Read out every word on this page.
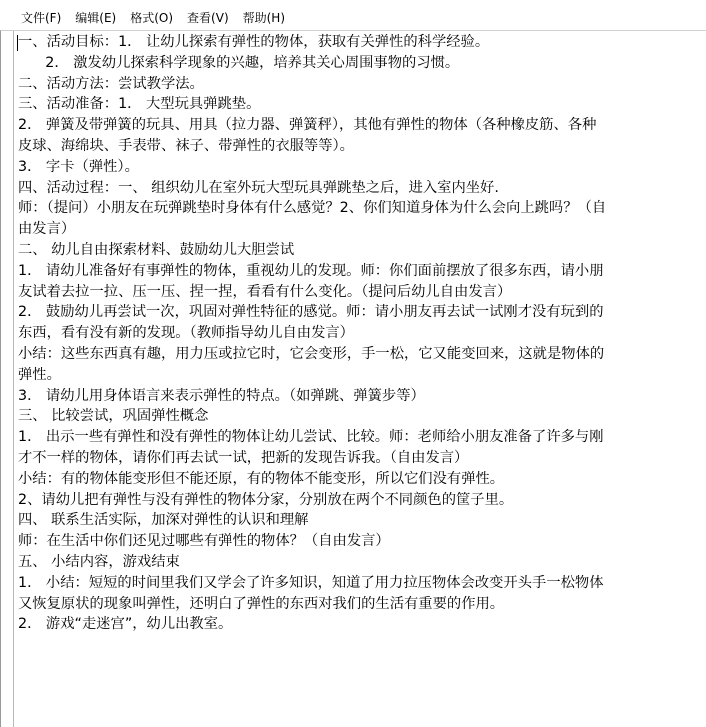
文件(F)	编辑(E)	格式(O)	查看(V)	帮助(H)
一、活动目标：1． 让幼儿探索有弹性的物体，获取有关弹性的科学经验。
2． 激发幼儿探索科学现象的兴趣，培养其关心周围事物的习惯。
二、活动方法：尝试教学法。
三、活动准备：1． 大型玩具弹跳垫。
2． 弹簧及带弹簧的玩具、用具（拉力器、弹簧秤），其他有弹性的物体（各种橡皮筋、各种
皮球、海绵块、手表带、袜子、带弹性的衣服等等）。
3． 字卡（弹性）。
四、活动过程：一、 组织幼儿在室外玩大型玩具弹跳垫之后，进入室内坐好.
师：（提问）小朋友在玩弹跳垫时身体有什么感觉？2、你们知道身体为什么会向上跳吗？（自
由发言）
二、 幼儿自由探索材料、鼓励幼儿大胆尝试
1． 请幼儿准备好有事弹性的物体，重视幼儿的发现。师：你们面前摆放了很多东西，请小朋
友试着去拉一拉、压一压、捏一捏，看看有什么变化。（提问后幼儿自由发言）
2． 鼓励幼儿再尝试一次，巩固对弹性特征的感觉。师：请小朋友再去试一试刚才没有玩到的
东西，看有没有新的发现。（教师指导幼儿自由发言）
小结：这些东西真有趣，用力压或拉它时，它会变形，手一松，它又能变回来，这就是物体的
弹性。
3． 请幼儿用身体语言来表示弹性的特点。（如弹跳、弹簧步等）
三、 比较尝试，巩固弹性概念
1． 出示一些有弹性和没有弹性的物体让幼儿尝试、比较。师：老师给小朋友准备了许多与刚
才不一样的物体，请你们再去试一试，把新的发现告诉我。（自由发言）
小结：有的物体能变形但不能还原，有的物体不能变形，所以它们没有弹性。
2、请幼儿把有弹性与没有弹性的物体分家，分别放在两个不同颜色的筐子里。
四、 联系生活实际，加深对弹性的认识和理解
师：在生活中你们还见过哪些有弹性的物体？（自由发言）
五、 小结内容，游戏结束
1． 小结：短短的时间里我们又学会了许多知识，知道了用力拉压物体会改变开头手一松物体
又恢复原状的现象叫弹性，还明白了弹性的东西对我们的生活有重要的作用。
2． 游戏“走迷宫”，幼儿出教室。
